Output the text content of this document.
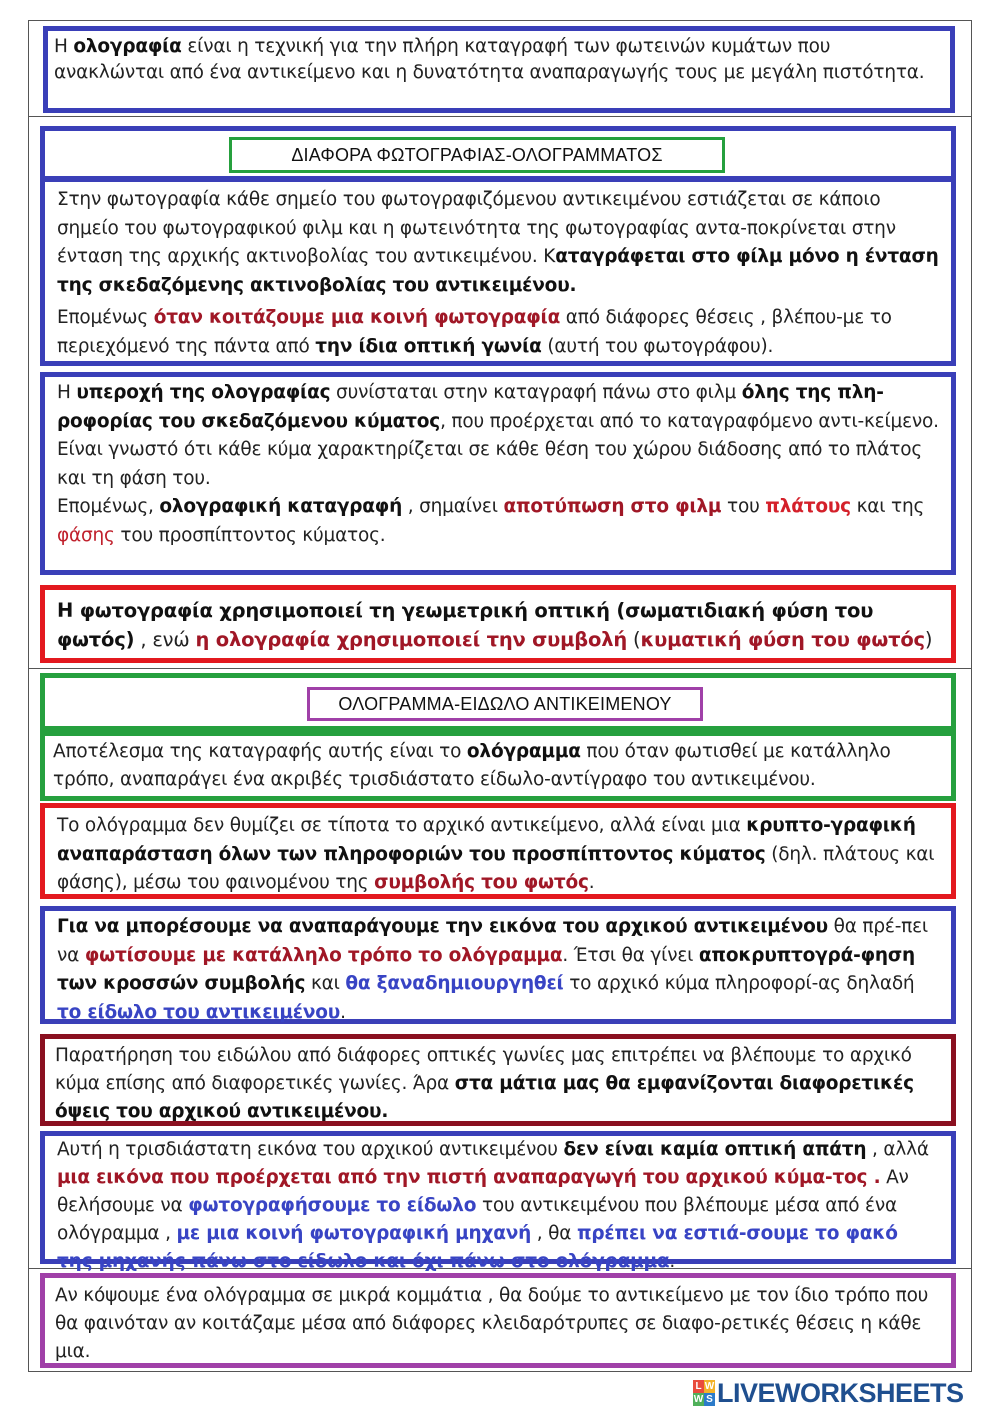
Η ολογραφία είναι η τεχνική για την πλήρη καταγραφή των φωτεινών κυμάτων που ανακλώνται από ένα αντικείμενο και η δυνατότητα αναπαραγωγής τους με μεγάλη πιστότητα.

ΔΙΑΦΟΡΑ ΦΩΤΟΓΡΑΦΙΑΣ-ΟΛΟΓΡΑΜΜΑΤΟΣ

Στην φωτογραφία κάθε σημείο του φωτογραφιζόμενου αντικειμένου εστιάζεται σε κάποιο σημείο του φωτογραφικού φιλμ και η φωτεινότητα της φωτογραφίας αντα-ποκρίνεται στην ένταση της αρχικής ακτινοβολίας του αντικειμένου. Καταγράφεται στο φίλμ μόνο η ένταση της σκεδαζόμενης ακτινοβολίας του αντικειμένου.

Επομένως όταν κοιτάζουμε μια κοινή φωτογραφία από διάφορες θέσεις , βλέπου-με το περιεχόμενό της πάντα από την ίδια οπτική γωνία (αυτή του φωτογράφου).

Η υπεροχή της ολογραφίας συνίσταται στην καταγραφή πάνω στο φιλμ όλης της πλη-ροφορίας του σκεδαζόμενου κύματος, που προέρχεται από το καταγραφόμενο αντι-κείμενο.

Είναι γνωστό ότι κάθε κύμα χαρακτηρίζεται σε κάθε θέση του χώρου διάδοσης από το πλάτος και τη φάση του.

Επομένως, ολογραφική καταγραφή , σημαίνει αποτύπωση στο φιλμ του πλάτους και της φάσης του προσπίπτοντος κύματος.

Η φωτογραφία χρησιμοποιεί τη γεωμετρική οπτική (σωματιδιακή φύση του φωτός) , ενώ η ολογραφία χρησιμοποιεί την συμβολή (κυματική φύση του φωτός)

ΟΛΟΓΡΑΜΜΑ-ΕΙΔΩΛΟ ΑΝΤΙΚΕΙΜΕΝΟΥ

Αποτέλεσμα της καταγραφής αυτής είναι το ολόγραμμα που όταν φωτισθεί με κατάλληλο τρόπο, αναπαράγει ένα ακριβές τρισδιάστατο είδωλο-αντίγραφο του αντικειμένου.

Το ολόγραμμα δεν θυμίζει σε τίποτα το αρχικό αντικείμενο, αλλά είναι μια κρυπτο-γραφική αναπαράσταση όλων των πληροφοριών του προσπίπτοντος κύματος (δηλ. πλάτους και φάσης), μέσω του φαινομένου της συμβολής του φωτός.

Για να μπορέσουμε να αναπαράγουμε την εικόνα του αρχικού αντικειμένου θα πρέ-πει να φωτίσουμε με κατάλληλο τρόπο το ολόγραμμα. Έτσι θα γίνει αποκρυπτογρά-φηση των κροσσών συμβολής και θα ξαναδημιουργηθεί το αρχικό κύμα πληροφορί-ας δηλαδή το είδωλο του αντικειμένου.

Παρατήρηση του ειδώλου από διάφορες οπτικές γωνίες μας επιτρέπει να βλέπουμε το αρχικό κύμα επίσης από διαφορετικές γωνίες. Άρα στα μάτια μας θα εμφανίζονται διαφορετικές όψεις του αρχικού αντικειμένου.

Αυτή η τρισδιάστατη εικόνα του αρχικού αντικειμένου δεν είναι καμία οπτική απάτη , αλλά μια εικόνα που προέρχεται από την πιστή αναπαραγωγή του αρχικού κύμα-τος . Αν θελήσουμε να φωτογραφήσουμε το είδωλο του αντικειμένου που βλέπουμε μέσα από ένα ολόγραμμα , με μια κοινή φωτογραφική μηχανή , θα πρέπει να εστιά-σουμε το φακό της μηχανής πάνω στο είδωλο και όχι πάνω στο ολόγραμμα.

Αν κόψουμε ένα ολόγραμμα σε μικρά κομμάτια , θα δούμε το αντικείμενο με τον ίδιο τρόπο που θα φαινόταν αν κοιτάζαμε μέσα από διάφορες κλειδαρότρυπες σε διαφο-ρετικές θέσεις η κάθε μια.

L W
W S LIVEWORKSHEETS
